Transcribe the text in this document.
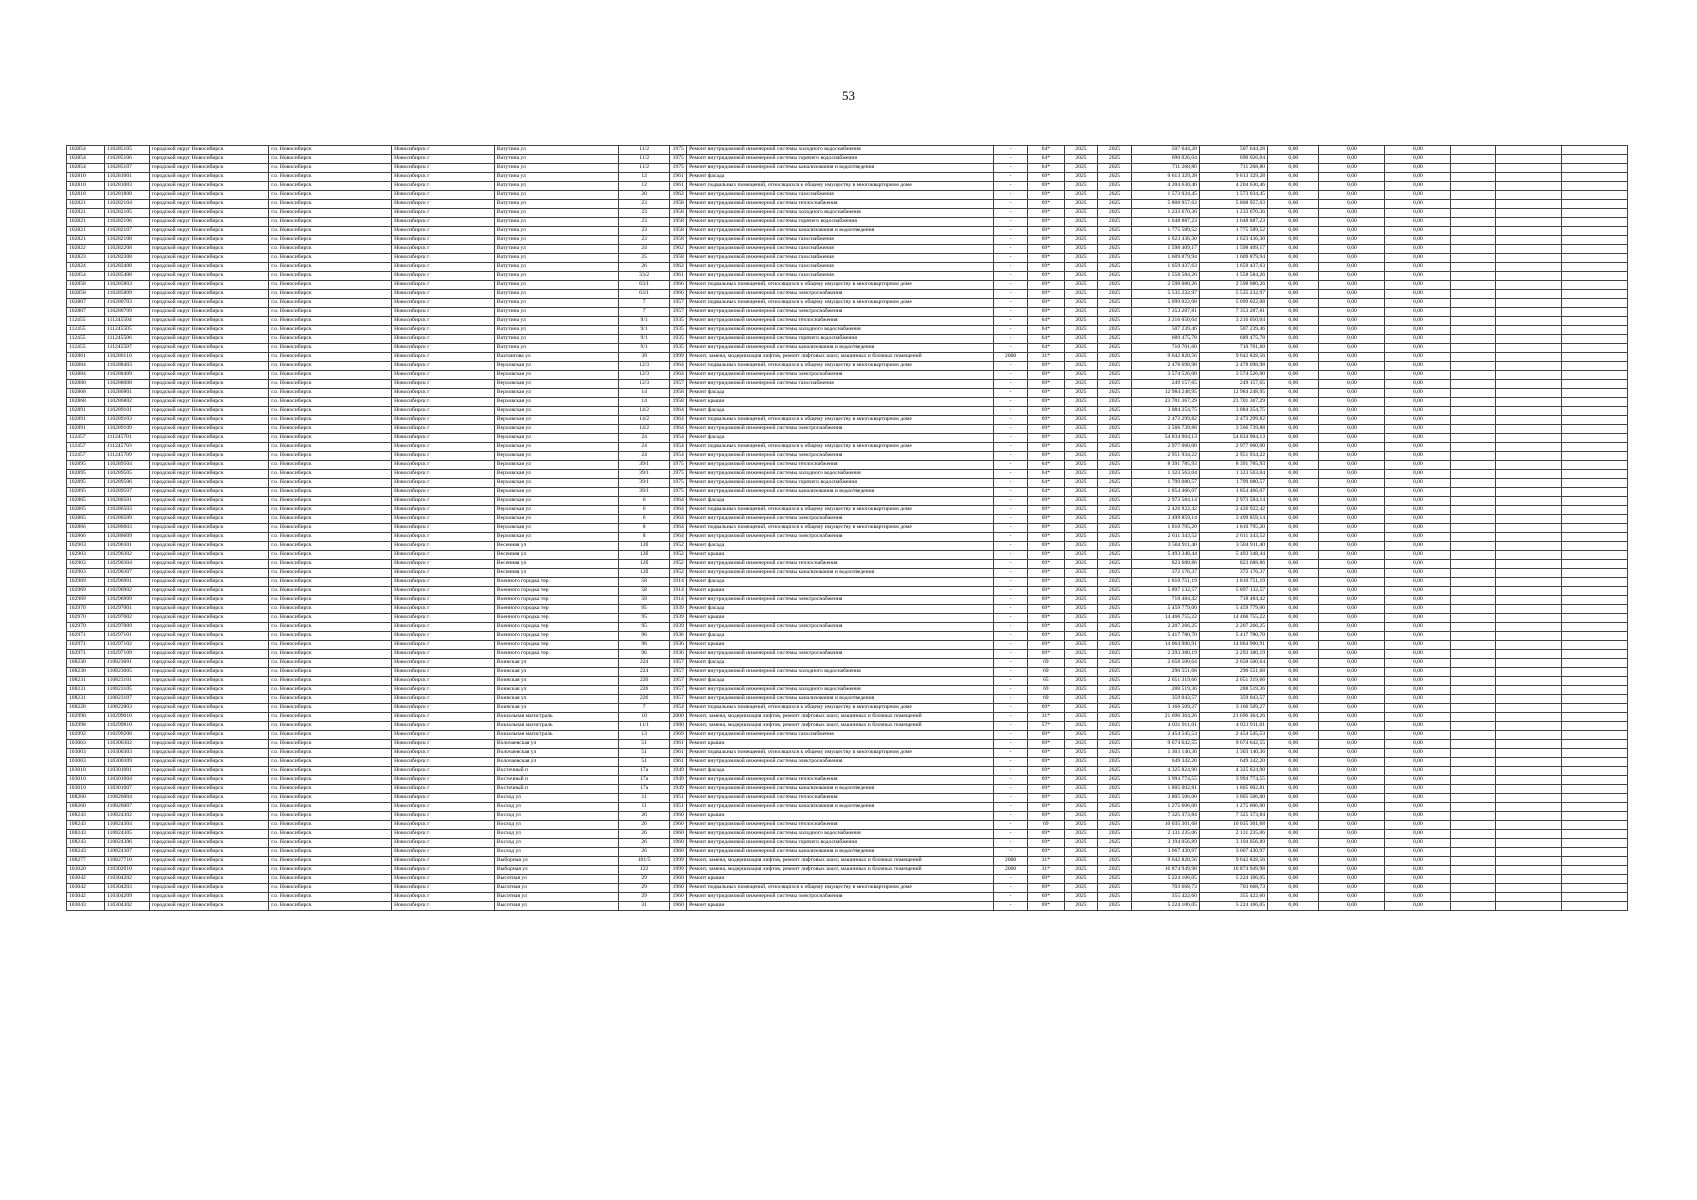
53
102854	110285105	городской округ Новосибирск	г.о. Новосибирск	Новосибирск г	Ватутина ул	11/2	1975	Ремонт внутридомовой инженерной системы холодного водоснабжения	-	64*	2025	2025	507 644,28	507 644,28	0,00	0,00	0,00			
102854	110285106	городской округ Новосибирск	г.о. Новосибирск	Новосибирск г	Ватутина ул	11/2	1975	Ремонт внутридомовой инженерной системы горячего водоснабжения	-	64*	2025	2025	690 026,04	690 026,04	0,00	0,00	0,00			
102854	110285107	городской округ Новосибирск	г.о. Новосибирск	Новосибирск г	Ватутина ул	11/2	1975	Ремонт внутридомовой инженерной системы канализования и водоотведения	-	64*	2025	2025	711 268,80	711 268,80	0,00	0,00	0,00			
102810	110281001	городской округ Новосибирск	г.о. Новосибирск	Новосибирск г	Ватутина ул	12	1961	Ремонт фасада	-	69*	2025	2025	9 613 329,28	9 613 329,28	0,00	0,00	0,00			
102810	110281003	городской округ Новосибирск	г.о. Новосибирск	Новосибирск г	Ватутина ул	12	1961	Ремонт подвальных помещений, относящихся к общему имуществу в многоквартирном доме	-	69*	2025	2025	4 204 630,46	4 204 630,46	0,00	0,00	0,00			
102818	110281808	городской округ Новосибирск	г.о. Новосибирск	Новосибирск г	Ватутина ул	20	1962	Ремонт внутридомовой инженерной системы газоснабжения	-	69*	2025	2025	1 573 034,45	1 573 034,45	0,00	0,00	0,00			
102821	110282104	городской округ Новосибирск	г.о. Новосибирск	Новосибирск г	Ватутина ул	23	1958	Ремонт внутридомовой инженерной системы теплоснабжения	-	69*	2025	2025	5 808 957,63	5 808 957,63	0,00	0,00	0,00			
102821	110282105	городской округ Новосибирск	г.о. Новосибирск	Новосибирск г	Ватутина ул	23	1958	Ремонт внутридомовой инженерной системы холодного водоснабжения	-	69*	2025	2025	1 233 670,36	1 233 670,36	0,00	0,00	0,00			
102821	110282106	городской округ Новосибирск	г.о. Новосибирск	Новосибирск г	Ватутина ул	23	1958	Ремонт внутридомовой инженерной системы горячего водоснабжения	-	69*	2025	2025	1 648 887,23	1 648 887,23	0,00	0,00	0,00			
102821	110282107	городской округ Новосибирск	г.о. Новосибирск	Новосибирск г	Ватутина ул	23	1958	Ремонт внутридомовой инженерной системы канализования и водоотведения	-	69*	2025	2025	1 775 589,52	1 775 589,52	0,00	0,00	0,00			
102821	110282108	городской округ Новосибирск	г.о. Новосибирск	Новосибирск г	Ватутина ул	23	1958	Ремонт внутридомовой инженерной системы газоснабжения	-	69*	2025	2025	1 623 436,30	1 623 436,30	0,00	0,00	0,00			
102822	110282208	городской округ Новосибирск	г.о. Новосибирск	Новосибирск г	Ватутина ул	24	1962	Ремонт внутридомовой инженерной системы газоснабжения	-	69*	2025	2025	1 598 409,17	1 598 409,17	0,00	0,00	0,00			
102823	110282308	городской округ Новосибирск	г.о. Новосибирск	Новосибирск г	Ватутина ул	25	1958	Ремонт внутридомовой инженерной системы газоснабжения	-	69*	2025	2025	1 609 879,94	1 609 879,94	0,00	0,00	0,00			
102824	110282408	городской округ Новосибирск	г.о. Новосибирск	Новосибирск г	Ватутина ул	26	1962	Ремонт внутридомовой инженерной системы газоснабжения	-	69*	2025	2025	1 659 437,63	1 659 437,63	0,00	0,00	0,00			
102854	110285408	городской округ Новосибирск	г.о. Новосибирск	Новосибирск г	Ватутина ул	33/2	1961	Ремонт внутридомовой инженерной системы газоснабжения	-	69*	2025	2025	1 558 584,26	1 558 584,26	0,00	0,00	0,00			
102858	110285803	городской округ Новосибирск	г.о. Новосибирск	Новосибирск г	Ватутина ул	63/1	1966	Ремонт подвальных помещений, относящихся к общему имуществу в многоквартирном доме	-	69*	2025	2025	2 598 080,26	2 598 080,26	0,00	0,00	0,00			
102858	110285809	городской округ Новосибирск	г.о. Новосибирск	Новосибирск г	Ватутина ул	63/1	1966	Ремонт внутридомовой инженерной системы электроснабжения	-	69*	2025	2025	5 535 232,97	5 535 232,97	0,00	0,00	0,00			
102807	110280703	городской округ Новосибирск	г.о. Новосибирск	Новосибирск г	Ватутина ул	7	1957	Ремонт подвальных помещений, относящихся к общему имуществу в многоквартирном доме	-	69*	2025	2025	5 099 022,08	5 099 022,08	0,00	0,00	0,00			
102807	110280709	городской округ Новосибирск	г.о. Новосибирск	Новосибирск г	Ватутина ул	7	1957	Ремонт внутридомовой инженерной системы электроснабжения	-	69*	2025	2025	7 353 287,81	7 353 287,81	0,00	0,00	0,00			
112455	111245504	городской округ Новосибирск	г.о. Новосибирск	Новосибирск г	Ватутина ул	9/1	1935	Ремонт внутридомовой инженерной системы теплоснабжения	-	64*	2025	2025	3 216 050,04	3 216 050,04	0,00	0,00	0,00			
112455	111245505	городской округ Новосибирск	г.о. Новосибирск	Новосибирск г	Ватутина ул	9/1	1935	Ремонт внутридомовой инженерной системы холодного водоснабжения	-	64*	2025	2025	507 239,46	507 239,46	0,00	0,00	0,00			
112455	111245506	городской округ Новосибирск	г.о. Новосибирск	Новосибирск г	Ватутина ул	9/1	1935	Ремонт внутридомовой инженерной системы горячего водоснабжения	-	64*	2025	2025	689 475,78	689 475,78	0,00	0,00	0,00			
112455	111245507	городской округ Новосибирск	г.о. Новосибирск	Новосибирск г	Ватутина ул	9/1	1935	Ремонт внутридомовой инженерной системы канализования и водоотведения	-	64*	2025	2025	710 701,60	710 701,60	0,00	0,00	0,00			
102861	110286110	городской округ Новосибирск	г.о. Новосибирск	Новосибирск г	Вахтангова ул	39	1999	Ремонт, замена, модернизация лифтов, ремонт лифтовых шахт, машинных и блочных помещений	2000	31*	2025	2025	9 642 828,56	9 642 828,56	0,00	0,00	0,00			
102884	110288403	городской округ Новосибирск	г.о. Новосибирск	Новосибирск г	Верховская ул	12/3	1964	Ремонт подвальных помещений, относящихся к общему имуществу в многоквартирном доме	-	69*	2025	2025	2 478 698,98	2 478 698,98	0,00	0,00	0,00			
102884	110288409	городской округ Новосибирск	г.о. Новосибирск	Новосибирск г	Верховская ул	12/3	1964	Ремонт внутридомовой инженерной системы электроснабжения	-	69*	2025	2025	3 574 526,00	3 574 526,00	0,00	0,00	0,00			
102880	110288008	городской округ Новосибирск	г.о. Новосибирск	Новосибирск г	Верховская ул	12/3	1957	Ремонт внутридомовой инженерной системы газоснабжения	-	69*	2025	2025	249 157,65	249 157,65	0,00	0,00	0,00			
102868	110286801	городской округ Новосибирск	г.о. Новосибирск	Новосибирск г	Верховская ул	14	1958	Ремонт фасада	-	69*	2025	2025	12 984 248,95	12 984 248,95	0,00	0,00	0,00			
102868	110286802	городской округ Новосибирск	г.о. Новосибирск	Новосибирск г	Верховская ул	14	1958	Ремонт крыши	-	69*	2025	2025	23 701 367,29	23 701 367,29	0,00	0,00	0,00			
102891	110289101	городской округ Новосибирск	г.о. Новосибирск	Новосибирск г	Верховская ул	14/2	1964	Ремонт фасада	-	69*	2025	2025	3 084 254,75	3 084 254,75	0,00	0,00	0,00			
102891	110289103	городской округ Новосибирск	г.о. Новосибирск	Новосибирск г	Верховская ул	14/2	1964	Ремонт подвальных помещений, относящихся к общему имуществу в многоквартирном доме	-	69*	2025	2025	2 473 299,82	2 473 299,82	0,00	0,00	0,00			
102891	110289109	городской округ Новосибирск	г.о. Новосибирск	Новосибирск г	Верховская ул	14/2	1964	Ремонт внутридомовой инженерной системы электроснабжения	-	69*	2025	2025	3 566 739,88	3 566 739,88	0,00	0,00	0,00			
112457	111245701	городской округ Новосибирск	г.о. Новосибирск	Новосибирск г	Верховская ул	24	1954	Ремонт фасада	-	69*	2025	2025	54 834 904,13	54 834 904,13	0,00	0,00	0,00			
112457	111245703	городской округ Новосибирск	г.о. Новосибирск	Новосибирск г	Верховская ул	24	1954	Ремонт подвальных помещений, относящихся к общему имуществу в многоквартирном доме	-	69*	2025	2025	2 977 060,00	2 977 060,00	0,00	0,00	0,00			
112457	111245709	городской округ Новосибирск	г.о. Новосибирск	Новосибирск г	Верховская ул	24	1954	Ремонт внутридомовой инженерной системы электроснабжения	-	69*	2025	2025	2 951 934,22	2 951 934,22	0,00	0,00	0,00			
102895	110289504	городской округ Новосибирск	г.о. Новосибирск	Новосибирск г	Верховская ул	39/1	1975	Ремонт внутридомовой инженерной системы теплоснабжения	-	64*	2025	2025	8 391 785,93	8 391 785,93	0,00	0,00	0,00			
102895	110289505	городской округ Новосибирск	г.о. Новосибирск	Новосибирск г	Верховская ул	39/1	1975	Ремонт внутридомовой инженерной системы холодного водоснабжения	-	64*	2025	2025	1 323 563,04	1 323 563,04	0,00	0,00	0,00			
102895	110289506	городской округ Новосибирск	г.о. Новосибирск	Новосибирск г	Верховская ул	39/1	1975	Ремонт внутридомовой инженерной системы горячего водоснабжения	-	64*	2025	2025	1 799 080,57	1 799 080,57	0,00	0,00	0,00			
102895	110289507	городской округ Новосибирск	г.о. Новосибирск	Новосибирск г	Верховская ул	39/1	1975	Ремонт внутридомовой инженерной системы канализования и водоотведения	-	64*	2025	2025	1 854 466,07	1 854 466,07	0,00	0,00	0,00			
102865	110286501	городской округ Новосибирск	г.о. Новосибирск	Новосибирск г	Верховская ул	6	1964	Ремонт фасада	-	69*	2025	2025	2 973 584,14	2 973 584,14	0,00	0,00	0,00			
102865	110286503	городской округ Новосибирск	г.о. Новосибирск	Новосибирск г	Верховская ул	6	1964	Ремонт подвальных помещений, относящихся к общему имуществу в многоквартирном доме	-	69*	2025	2025	2 426 922,42	2 426 922,42	0,00	0,00	0,00			
102865	110286509	городской округ Новосибирск	г.о. Новосибирск	Новосибирск г	Верховская ул	6	1964	Ремонт внутридомовой инженерной системы электроснабжения	-	69*	2025	2025	3 499 859,14	3 499 859,14	0,00	0,00	0,00			
102866	110286603	городской округ Новосибирск	г.о. Новосибирск	Новосибирск г	Верховская ул	8	1964	Ремонт подвальных помещений, относящихся к общему имуществу в многоквартирном доме	-	69*	2025	2025	1 810 795,20	1 810 795,20	0,00	0,00	0,00			
102866	110286609	городской округ Новосибирск	г.о. Новосибирск	Новосибирск г	Верховская ул	8	1964	Ремонт внутридомовой инженерной системы электроснабжения	-	69*	2025	2025	2 611 343,52	2 611 343,52	0,00	0,00	0,00			
102903	110290301	городской округ Новосибирск	г.о. Новосибирск	Новосибирск г	Весенняя ул	12б	1952	Ремонт фасада	-	69*	2025	2025	3 504 911,40	3 504 911,40	0,00	0,00	0,00			
102903	110290302	городской округ Новосибирск	г.о. Новосибирск	Новосибирск г	Весенняя ул	12б	1952	Ремонт крыши	-	69*	2025	2025	5 493 348,44	5 493 348,44	0,00	0,00	0,00			
102903	110290304	городской округ Новосибирск	г.о. Новосибирск	Новосибирск г	Весенняя ул	12б	1952	Ремонт внутридомовой инженерной системы теплоснабжения	-	69*	2025	2025	823 688,86	823 688,86	0,00	0,00	0,00			
102903	110290307	городской округ Новосибирск	г.о. Новосибирск	Новосибирск г	Весенняя ул	12б	1952	Ремонт внутридомовой инженерной системы канализования и водоотведения	-	69*	2025	2025	372 176,37	372 176,37	0,00	0,00	0,00			
102969	110296901	городской округ Новосибирск	г.о. Новосибирск	Новосибирск г	Военного городка тер	58	1914	Ремонт фасада	-	69*	2025	2025	1 810 751,19	1 810 751,19	0,00	0,00	0,00			
102969	110296902	городской округ Новосибирск	г.о. Новосибирск	Новосибирск г	Военного городка тер	58	1914	Ремонт крыши	-	69*	2025	2025	5 897 132,57	5 897 132,57	0,00	0,00	0,00			
102969	110296909	городской округ Новосибирск	г.о. Новосибирск	Новосибирск г	Военного городка тер	58	1914	Ремонт внутридомовой инженерной системы электроснабжения	-	69*	2025	2025	718 484,42	718 484,42	0,00	0,00	0,00			
102970	110297001	городской округ Новосибирск	г.о. Новосибирск	Новосибирск г	Военного городка тер	95	1939	Ремонт фасада	-	69*	2025	2025	5 459 779,00	5 459 779,00	0,00	0,00	0,00			
102970	110297002	городской округ Новосибирск	г.о. Новосибирск	Новосибирск г	Военного городка тер	95	1939	Ремонт крыши	-	69*	2025	2025	14 466 755,22	14 466 755,22	0,00	0,00	0,00			
102970	110297009	городской округ Новосибирск	г.о. Новосибирск	Новосибирск г	Военного городка тер	95	1939	Ремонт внутридомовой инженерной системы электроснабжения	-	69*	2025	2025	2 207 266,25	2 207 266,25	0,00	0,00	0,00			
102971	110297101	городской округ Новосибирск	г.о. Новосибирск	Новосибирск г	Военного городка тер	96	1936	Ремонт фасада	-	69*	2025	2025	5 417 780,70	5 417 780,70	0,00	0,00	0,00			
102971	110297102	городской округ Новосибирск	г.о. Новосибирск	Новосибирск г	Военного городка тер	96	1936	Ремонт крыши	-	69*	2025	2025	14 064 900,91	14 064 900,91	0,00	0,00	0,00			
102971	110297109	городской округ Новосибирск	г.о. Новосибирск	Новосибирск г	Военного городка тер	96	1936	Ремонт внутридомовой инженерной системы электроснабжения	-	69*	2025	2025	2 293 380,19	2 293 380,19	0,00	0,00	0,00			
108230	110823001	городской округ Новосибирск	г.о. Новосибирск	Новосибирск г	Воинская ул	224	1957	Ремонт фасада	-	69	2025	2025	2 658 500,64	2 658 500,64	0,00	0,00	0,00			
108230	110823005	городской округ Новосибирск	г.о. Новосибирск	Новосибирск г	Воинская ул	224	1957	Ремонт внутридомовой инженерной системы холодного водоснабжения	-	69	2025	2025	290 551,68	290 551,68	0,00	0,00	0,00			
108231	110823101	городской округ Новосибирск	г.о. Новосибирск	Новосибирск г	Воинская ул	226	1957	Ремонт фасада	-	65	2025	2025	2 651 319,66	2 651 319,66	0,00	0,00	0,00			
108231	110823105	городской округ Новосибирск	г.о. Новосибирск	Новосибирск г	Воинская ул	226	1957	Ремонт внутридомовой инженерной системы холодного водоснабжения	-	69	2025	2025	288 519,36	288 519,36	0,00	0,00	0,00			
108231	110823107	городской округ Новосибирск	г.о. Новосибирск	Новосибирск г	Воинская ул	226	1957	Ремонт внутридомовой инженерной системы канализования и водоотведения	-	69	2025	2025	359 043,57	359 043,57	0,00	0,00	0,00			
108228	110822803	городской округ Новосибирск	г.о. Новосибирск	Новосибирск г	Воинская ул	7	1954	Ремонт подвальных помещений, относящихся к общему имуществу в многоквартирном доме	-	69*	2025	2025	3 166 509,27	3 166 509,27	0,00	0,00	0,00			
102990	110299010	городской округ Новосибирск	г.о. Новосибирск	Новосибирск г	Вокзальная магистраль	10	2000	Ремонт, замена, модернизация лифтов, ремонт лифтовых шахт, машинных и блочных помещений	-	31*	2025	2025	21 696 364,26	21 696 364,26	0,00	0,00	0,00			
102998	110299810	городской округ Новосибирск	г.о. Новосибирск	Новосибирск г	Вокзальная магистраль	11/1	1980	Ремонт, замена, модернизация лифтов, ремонт лифтовых шахт, машинных и блочных помещений	-	57*	2025	2025	4 031 911,01	4 031 911,01	0,00	0,00	0,00			
102992	110299208	городской округ Новосибирск	г.о. Новосибирск	Новосибирск г	Вокзальная магистраль	13	1969	Ремонт внутридомовой инженерной системы газоснабжения	-	69*	2025	2025	2 454 545,53	2 454 545,53	0,00	0,00	0,00			
103003	110300302	городской округ Новосибирск	г.о. Новосибирск	Новосибирск г	Волочаевская ул	51	1961	Ремонт крыши	-	69*	2025	2025	9 674 642,55	9 674 642,55	0,00	0,00	0,00			
103003	110300303	городской округ Новосибирск	г.о. Новосибирск	Новосибирск г	Волочаевская ул	51	1961	Ремонт подвальных помещений, относящихся к общему имуществу в многоквартирном доме	-	69*	2025	2025	1 303 140,36	1 303 140,36	0,00	0,00	0,00			
103003	110300309	городской округ Новосибирск	г.о. Новосибирск	Новосибирск г	Волочаевская ул	51	1961	Ремонт внутридомовой инженерной системы электроснабжения	-	69*	2025	2025	649 342,20	649 342,20	0,00	0,00	0,00			
103010	110301001	городской округ Новосибирск	г.о. Новосибирск	Новосибирск г	Восточный п	17а	1949	Ремонт фасада	-	69*	2025	2025	4 325 824,90	4 325 824,90	0,00	0,00	0,00			
103010	110301004	городской округ Новосибирск	г.о. Новосибирск	Новосибирск г	Восточный п	17а	1949	Ремонт внутридомовой инженерной системы теплоснабжения	-	69*	2025	2025	3 994 774,55	3 994 774,55	0,00	0,00	0,00			
103010	110301007	городской округ Новосибирск	г.о. Новосибирск	Новосибирск г	Восточный п	17а	1949	Ремонт внутридомовой инженерной системы канализования и водоотведения	-	69*	2025	2025	1 805 002,81	1 805 002,81	0,00	0,00	0,00			
108260	110826004	городской округ Новосибирск	г.о. Новосибирск	Новосибирск г	Восход ул	11	1951	Ремонт внутридомовой инженерной системы теплоснабжения	-	69*	2025	2025	3 805 506,00	3 805 506,00	0,00	0,00	0,00			
108260	110826007	городской округ Новосибирск	г.о. Новосибирск	Новосибирск г	Восход ул	11	1951	Ремонт внутридомовой инженерной системы канализования и водоотведения	-	69*	2025	2025	1 275 606,00	1 275 606,00	0,00	0,00	0,00			
108243	110824302	городской округ Новосибирск	г.о. Новосибирск	Новосибирск г	Восход ул	26	1960	Ремонт крыши	-	69*	2025	2025	7 325 373,84	7 325 373,84	0,00	0,00	0,00			
108243	110824304	городской округ Новосибирск	г.о. Новосибирск	Новосибирск г	Восход ул	26	1960	Ремонт внутридомовой инженерной системы теплоснабжения	-	69	2025	2025	10 035 301,68	10 035 301,68	0,00	0,00	0,00			
108243	110824305	городской округ Новосибирск	г.о. Новосибирск	Новосибирск г	Восход ул	26	1960	Ремонт внутридомовой инженерной системы холодного водоснабжения	-	69*	2025	2025	2 131 235,06	2 131 235,06	0,00	0,00	0,00			
108243	110824306	городской округ Новосибирск	г.о. Новосибирск	Новосибирск г	Восход ул	26	1960	Ремонт внутридомовой инженерной системы горячего водоснабжения	-	69*	2025	2025	3 194 056,89	3 194 056,89	0,00	0,00	0,00			
108243	110824307	городской округ Новосибирск	г.о. Новосибирск	Новосибирск г	Восход ул	26	1960	Ремонт внутридомовой инженерной системы канализования и водоотведения	-	69*	2025	2025	3 067 430,97	3 067 430,97	0,00	0,00	0,00			
108277	110827710	городской округ Новосибирск	г.о. Новосибирск	Новосибирск г	Выборная ул	101/5	1999	Ремонт, замена, модернизация лифтов, ремонт лифтовых шахт, машинных и блочных помещений	2000	31*	2025	2025	9 642 828,56	9 642 828,56	0,00	0,00	0,00			
103020	110302010	городской округ Новосибирск	г.о. Новосибирск	Новосибирск г	Выборная ул	122	1999	Ремонт, замена, модернизация лифтов, ремонт лифтовых шахт, машинных и блочных помещений	2000	31*	2025	2025	16 874 949,98	16 874 949,98	0,00	0,00	0,00			
103042	110304202	городской округ Новосибирск	г.о. Новосибирск	Новосибирск г	Высотная ул	29	1960	Ремонт крыши	-	69*	2025	2025	5 224 106,05	5 224 106,05	0,00	0,00	0,00			
103042	110304203	городской округ Новосибирск	г.о. Новосибирск	Новосибирск г	Высотная ул	29	1960	Ремонт подвальных помещений, относящихся к общему имуществу в многоквартирном доме	-	69*	2025	2025	703 668,73	703 668,73	0,00	0,00	0,00			
103042	110304209	городской округ Новосибирск	г.о. Новосибирск	Новосибирск г	Высотная ул	29	1960	Ремонт внутридомовой инженерной системы электроснабжения	-	69*	2025	2025	355 422,60	355 422,60	0,00	0,00	0,00			
103043	110304302	городской округ Новосибирск	г.о. Новосибирск	Новосибирск г	Высотная ул	31	1960	Ремонт крыши	-	69*	2025	2025	5 224 106,05	5 224 106,05	0,00	0,00	0,00			
